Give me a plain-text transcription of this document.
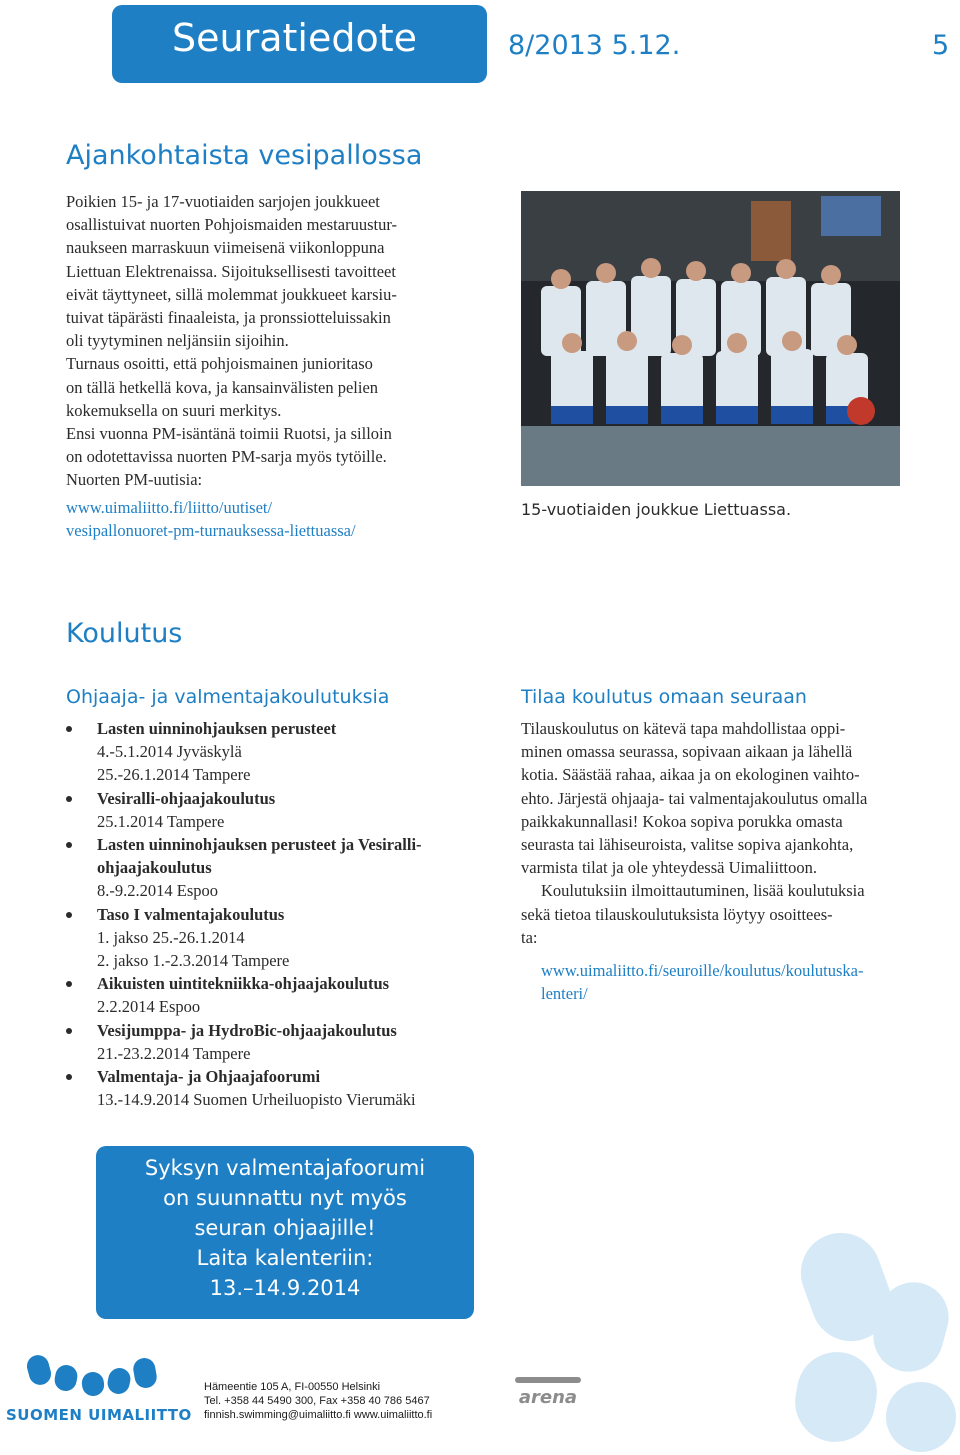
Seuratiedote	8/2013 5.12.	5
Ajankohtaista vesipallossa

Poikien 15- ja 17-vuotiaiden sarjojen joukkueet

osallistuivat nuorten Pohjoismaiden mestaruustur-

naukseen marraskuun viimeisenä viikonloppuna

Liettuan Elektrenaissa. Sijoituksellisesti tavoitteet

eivät täyttyneet, sillä molemmat joukkueet karsiu-

tuivat täpärästi finaaleista, ja pronssiotteluissakin

oli tyytyminen neljänsiin sijoihin.

Turnaus osoitti, että pohjoismainen junioritaso

on tällä hetkellä kova, ja kansainvälisten pelien

kokemuksella on suuri merkitys.

Ensi vuonna PM-isäntänä toimii Ruotsi, ja silloin

on odotettavissa nuorten PM-sarja myös tytöille.

Nuorten PM-uutisia:

www.uimaliitto.fi/liitto/uutiset/

vesipallonuoret-pm-turnauksessa-liettuassa/

15-vuotiaiden joukkue Liettuassa.
Koulutus
Ohjaaja- ja valmentajakoulutuksia
Lasten uinninohjauksen perusteet
4.-5.1.2014 Jyväskylä
25.-26.1.2014 Tampere
Vesiralli-ohjaajakoulutus
25.1.2014 Tampere
Lasten uinninohjauksen perusteet ja Vesiralli-
ohjaajakoulutus
8.-9.2.2014 Espoo
Taso I valmentajakoulutus
1. jakso 25.-26.1.2014
2. jakso 1.-2.3.2014 Tampere
Aikuisten uintitekniikka-ohjaajakoulutus
2.2.2014 Espoo
Vesijumppa- ja HydroBic-ohjaajakoulutus
21.-23.2.2014 Tampere
Valmentaja- ja Ohjaajafoorumi
13.-14.9.2014 Suomen Urheiluopisto Vierumäki
Tilaa koulutus omaan seuraan

Tilauskoulutus on kätevä tapa mahdollistaa oppi-

minen omassa seurassa, sopivaan aikaan ja lähellä

kotia. Säästää rahaa, aikaa ja on ekologinen vaihto-

ehto. Järjestä ohjaaja- tai valmentajakoulutus omalla

paikkakunnallasi! Kokoa sopiva porukka omasta

seurasta tai lähiseuroista, valitse sopiva ajankohta,

varmista tilat ja ole yhteydessä Uimaliittoon.

Koulutuksiin ilmoittautuminen, lisää koulutuksia

sekä tietoa tilauskoulutuksista löytyy osoittees-

ta:

www.uimaliitto.fi/seuroille/koulutus/koulutuska-

lenteri/

Syksyn valmentajafoorumi
on suunnattu nyt myös
seuran ohjaajille!
Laita kalenteriin:
13.–14.9.2014
SUOMEN UIMALIITTO
Hämeentie 105 A, FI-00550 Helsinki
Tel. +358 44 5490 300, Fax +358 40 786 5467
finnish.swimming@uimaliitto.fi www.uimaliitto.fi
arena
